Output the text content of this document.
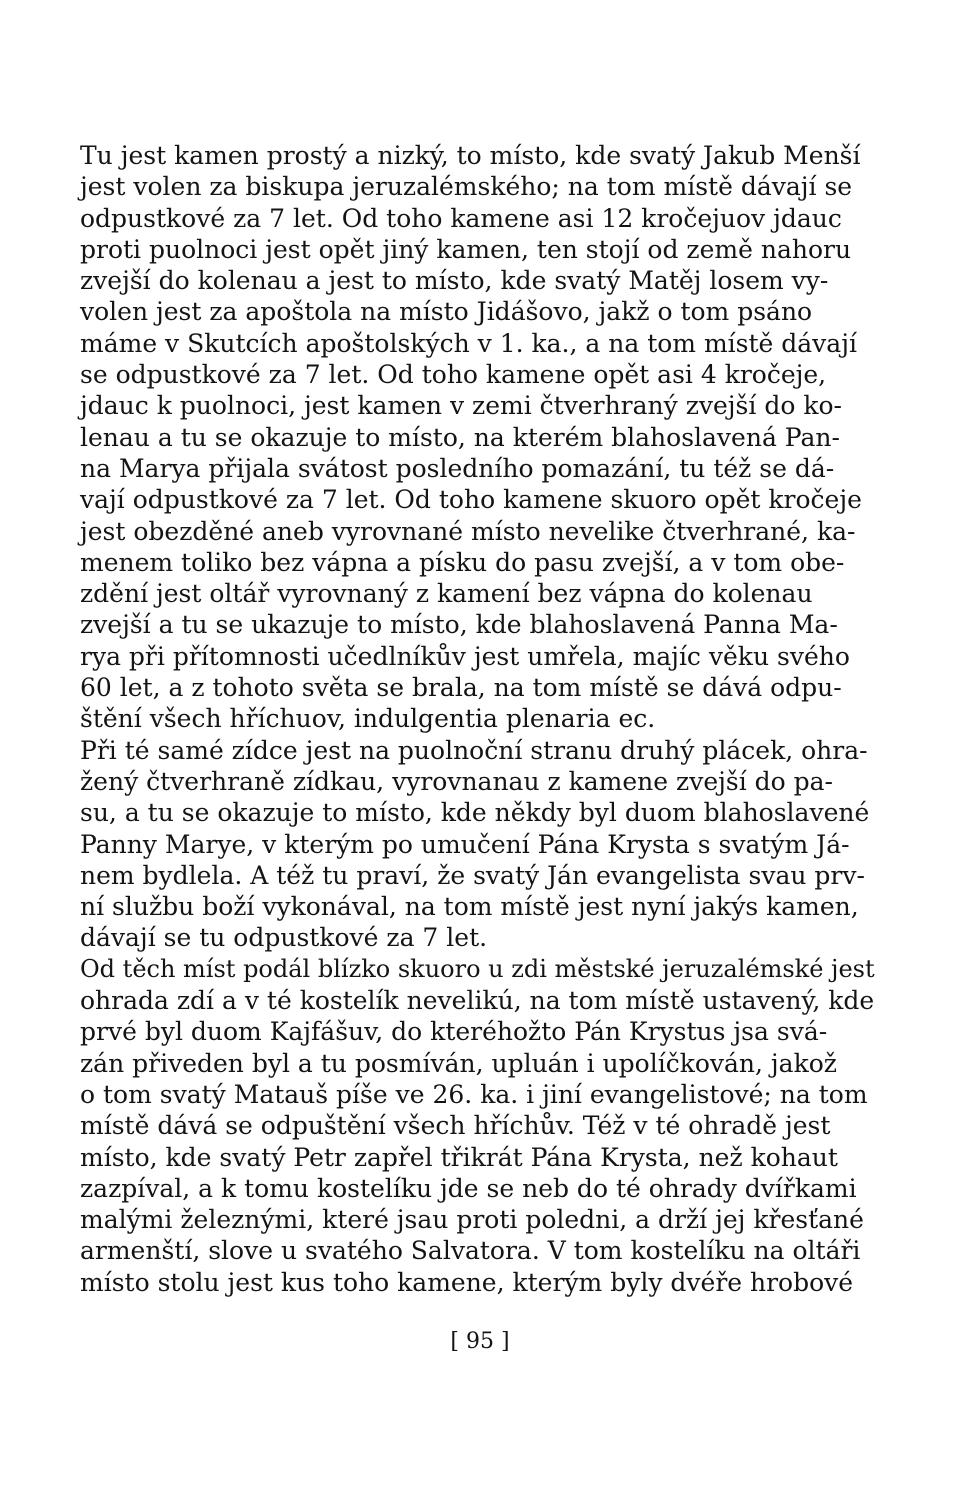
Tu jest kamen prostý a nizký, to místo, kde svatý Jakub Menší
jest volen za biskupa jeruzalémského; na tom místě dávají se
odpustkové za 7 let. Od toho kamene asi 12 kročejuov jdauc
proti puolnoci jest opět jiný kamen, ten stojí od země nahoru
zvejší do kolenau a jest to místo, kde svatý Matěj losem vy-
volen jest za apoštola na místo Jidášovo, jakž o tom psáno
máme v Skutcích apoštolských v 1. ka., a na tom místě dávají
se odpustkové za 7 let. Od toho kamene opět asi 4 kročeje,
jdauc k puolnoci, jest kamen v zemi čtverhraný zvejší do ko-
lenau a tu se okazuje to místo, na kterém blahoslavená Pan-
na Marya přijala svátost posledního pomazání, tu též se dá-
vají odpustkové za 7 let. Od toho kamene skuoro opět kročeje
jest obezděné aneb vyrovnané místo nevelike čtverhrané, ka-
menem toliko bez vápna a písku do pasu zvejší, a v tom obe-
zdění jest oltář vyrovnaný z kamení bez vápna do kolenau
zvejší a tu se ukazuje to místo, kde blahoslavená Panna Ma-
rya při přítomnosti učedlníkův jest umřela, majíc věku svého
60 let, a z tohoto světa se brala, na tom místě se dává odpu-
štění všech hříchuov, indulgentia plenaria ec.
Při té samé zídce jest na puolnoční stranu druhý plácek, ohra-
žený čtverhraně zídkau, vyrovnanau z kamene zvejší do pa-
su, a tu se okazuje to místo, kde někdy byl duom blahoslavené
Panny Marye, v kterým po umučení Pána Krysta s svatým Já-
nem bydlela. A též tu praví, že svatý Ján evangelista svau prv-
ní službu boží vykonával, na tom místě jest nyní jakýs kamen,
dávají se tu odpustkové za 7 let.
Od těch míst podál blízko skuoro u zdi městské jeruzalémské jest
ohrada zdí a v té kostelík nevelikú, na tom místě ustavený, kde
prvé byl duom Kajfášuv, do kteréhožto Pán Krystus jsa svá-
zán přiveden byl a tu posmíván, upluán i upolíčkován, jakož
o tom svatý Matauš píše ve 26. ka. i jiní evangelistové; na tom
místě dává se odpuštění všech hříchův. Též v té ohradě jest
místo, kde svatý Petr zapřel třikrát Pána Krysta, než kohaut
zazpíval, a k tomu kostelíku jde se neb do té ohrady dvířkami
malými železnými, které jsau proti poledni, a drží jej křesťané
armenští, slove u svatého Salvatora. V tom kostelíku na oltáři
místo stolu jest kus toho kamene, kterým byly dvéře hrobové
[ 95 ]
